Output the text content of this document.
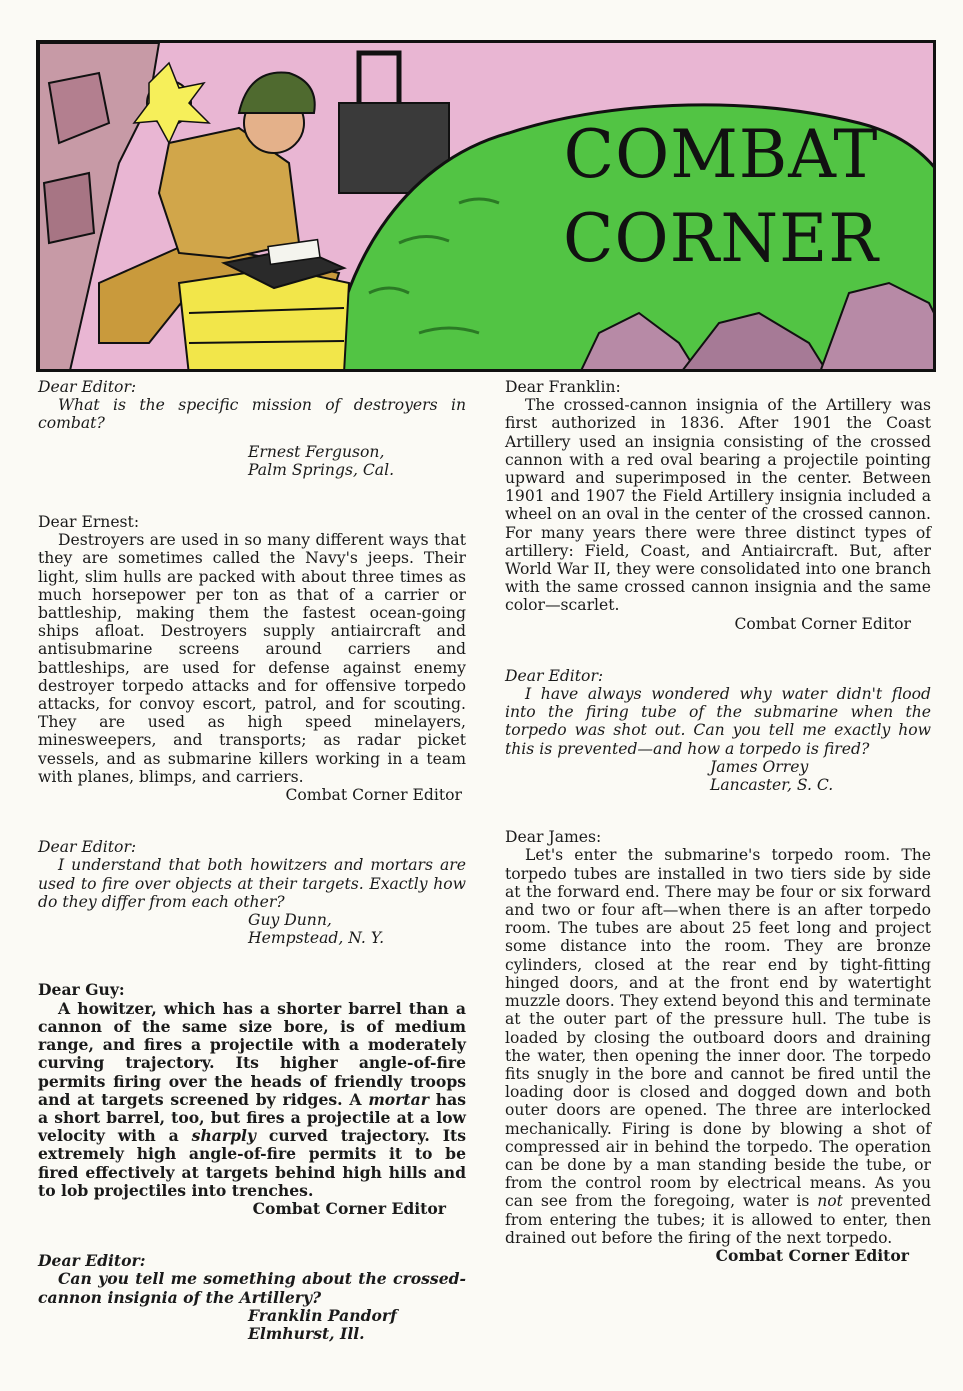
COMBAT
CORNER
Dear Editor:
What is the specific mission of destroyers in combat?
Ernest Ferguson,
Palm Springs, Cal.
Dear Ernest:
Destroyers are used in so many different ways that they are sometimes called the Navy's jeeps. Their light, slim hulls are packed with about three times as much horsepower per ton as that of a carrier or battleship, making them the fastest ocean-going ships afloat. Destroyers supply antiaircraft and antisubmarine screens around carriers and battleships, are used for defense against enemy destroyer torpedo attacks and for offensive torpedo attacks, for convoy escort, patrol, and for scouting. They are used as high speed minelayers, minesweepers, and transports; as radar picket vessels, and as submarine killers working in a team with planes, blimps, and carriers.
Combat Corner Editor
Dear Editor:
I understand that both howitzers and mortars are used to fire over objects at their targets. Exactly how do they differ from each other?
Guy Dunn,
Hempstead, N. Y.
Dear Guy:
A howitzer, which has a shorter barrel than a cannon of the same size bore, is of medium range, and fires a projectile with a moderately curving trajectory. Its higher angle-of-fire permits firing over the heads of friendly troops and at targets screened by ridges. A mortar has a short barrel, too, but fires a projectile at a low velocity with a sharply curved trajectory. Its extremely high angle-of-fire permits it to be fired effectively at targets behind high hills and to lob projectiles into trenches.
Combat Corner Editor
Dear Editor:
Can you tell me something about the crossed-cannon insignia of the Artillery?
Franklin Pandorf
Elmhurst, Ill.
Dear Franklin:
The crossed-cannon insignia of the Artillery was first authorized in 1836. After 1901 the Coast Artillery used an insignia consisting of the crossed cannon with a red oval bearing a projectile pointing upward and superimposed in the center. Between 1901 and 1907 the Field Artillery insignia included a wheel on an oval in the center of the crossed cannon. For many years there were three distinct types of artillery: Field, Coast, and Antiaircraft. But, after World War II, they were consolidated into one branch with the same crossed cannon insignia and the same color—scarlet.
Combat Corner Editor
Dear Editor:
I have always wondered why water didn't flood into the firing tube of the submarine when the torpedo was shot out. Can you tell me exactly how this is prevented—and how a torpedo is fired?
James Orrey
Lancaster, S. C.
Dear James:
Let's enter the submarine's torpedo room. The torpedo tubes are installed in two tiers side by side at the forward end. There may be four or six forward and two or four aft—when there is an after torpedo room. The tubes are about 25 feet long and project some distance into the room. They are bronze cylinders, closed at the rear end by tight-fitting hinged doors, and at the front end by watertight muzzle doors. They extend beyond this and terminate at the outer part of the pressure hull. The tube is loaded by closing the outboard doors and draining the water, then opening the inner door. The torpedo fits snugly in the bore and cannot be fired until the loading door is closed and dogged down and both outer doors are opened. The three are interlocked mechanically. Firing is done by blowing a shot of compressed air in behind the torpedo. The operation can be done by a man standing beside the tube, or from the control room by electrical means. As you can see from the foregoing, water is not prevented from entering the tubes; it is allowed to enter, then drained out before the firing of the next torpedo.
Combat Corner Editor
